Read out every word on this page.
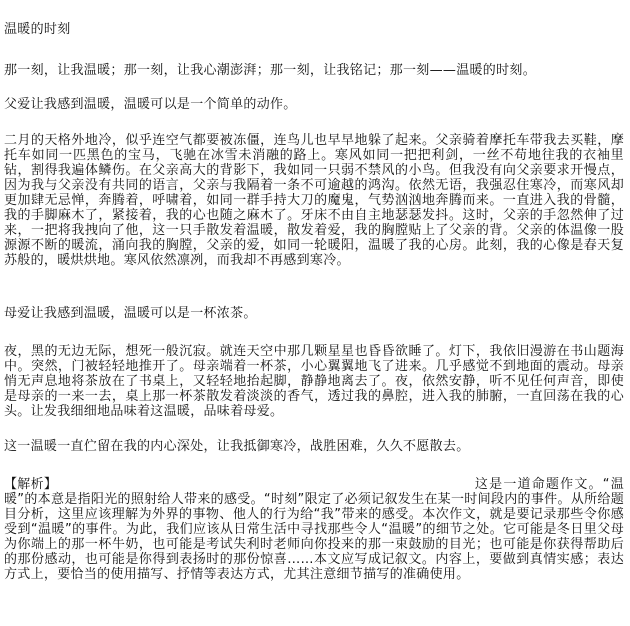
温暖的时刻

那一刻，让我温暖；那一刻，让我心潮澎湃；那一刻，让我铭记；那一刻——温暖的时刻。

父爱让我感到温暖，温暖可以是一个简单的动作。

二月的天格外地冷，似乎连空气都要被冻僵，连鸟儿也早早地躲了起来。父亲骑着摩托车带我去买鞋，摩托车如同一匹黑色的宝马，飞驰在冰雪未消融的路上。寒风如同一把把利剑，一丝不苟地往我的衣袖里钻，割得我遍体鳞伤。在父亲高大的背影下，我如同一只弱不禁风的小鸟。但我没有向父亲要求开慢点，因为我与父亲没有共同的语言，父亲与我隔着一条不可逾越的鸿沟。依然无语，我强忍住寒冷，而寒风却更加肆无忌惮，奔腾着，呼啸着，如同一群手持大刀的魔鬼，气势汹汹地奔腾而来。一直进入我的骨髓，我的手脚麻木了，紧接着，我的心也随之麻木了。牙床不由自主地瑟瑟发抖。这时，父亲的手忽然伸了过来，一把将我拽向了他，这一只手散发着温暖，散发着爱，我的胸膛贴上了父亲的背。父亲的体温像一股源源不断的暖流，涌向我的胸膛，父亲的爱，如同一轮暖阳，温暖了我的心房。此刻，我的心像是春天复苏般的，暖烘烘地。寒风依然凛冽，而我却不再感到寒冷。

母爱让我感到温暖，温暖可以是一杯浓茶。

夜，黑的无边无际，想死一般沉寂。就连天空中那几颗星星也昏昏欲睡了。灯下，我依旧漫游在书山题海中。突然，门被轻轻地推开了。母亲端着一杯茶，小心翼翼地飞了进来。几乎感觉不到地面的震动。母亲悄无声息地将茶放在了书桌上，又轻轻地抬起脚，静静地离去了。夜，依然安静，听不见任何声音，即使是母亲的一来一去，桌上那一杯茶散发着淡淡的香气，透过我的鼻腔，进入我的肺腑，一直回荡在我的心头。让发我细细地品味着这温暖，品味着母爱。

这一温暖一直伫留在我的内心深处，让我抵御寒冷，战胜困难，久久不愿散去。

【解析】	这是一道命题作文。“温暖”的本意是指阳光的照射给人带来的感受。“时刻”限定了必须记叙发生在某一时间段内的事件。从所给题目分析，这里应该理解为外界的事物、他人的行为给“我”带来的感受。本次作文，就是要记录那些令你感受到“温暖”的事件。为此，我们应该从日常生活中寻找那些令人“温暖”的细节之处。它可能是冬日里父母为你端上的那一杯牛奶，也可能是考试失利时老师向你投来的那一束鼓励的目光；也可能是你获得帮助后的那份感动，也可能是你得到表扬时的那份惊喜……本文应写成记叙文。内容上，要做到真情实感；表达方式上，要恰当的使用描写、抒情等表达方式，尤其注意细节描写的准确使用。
